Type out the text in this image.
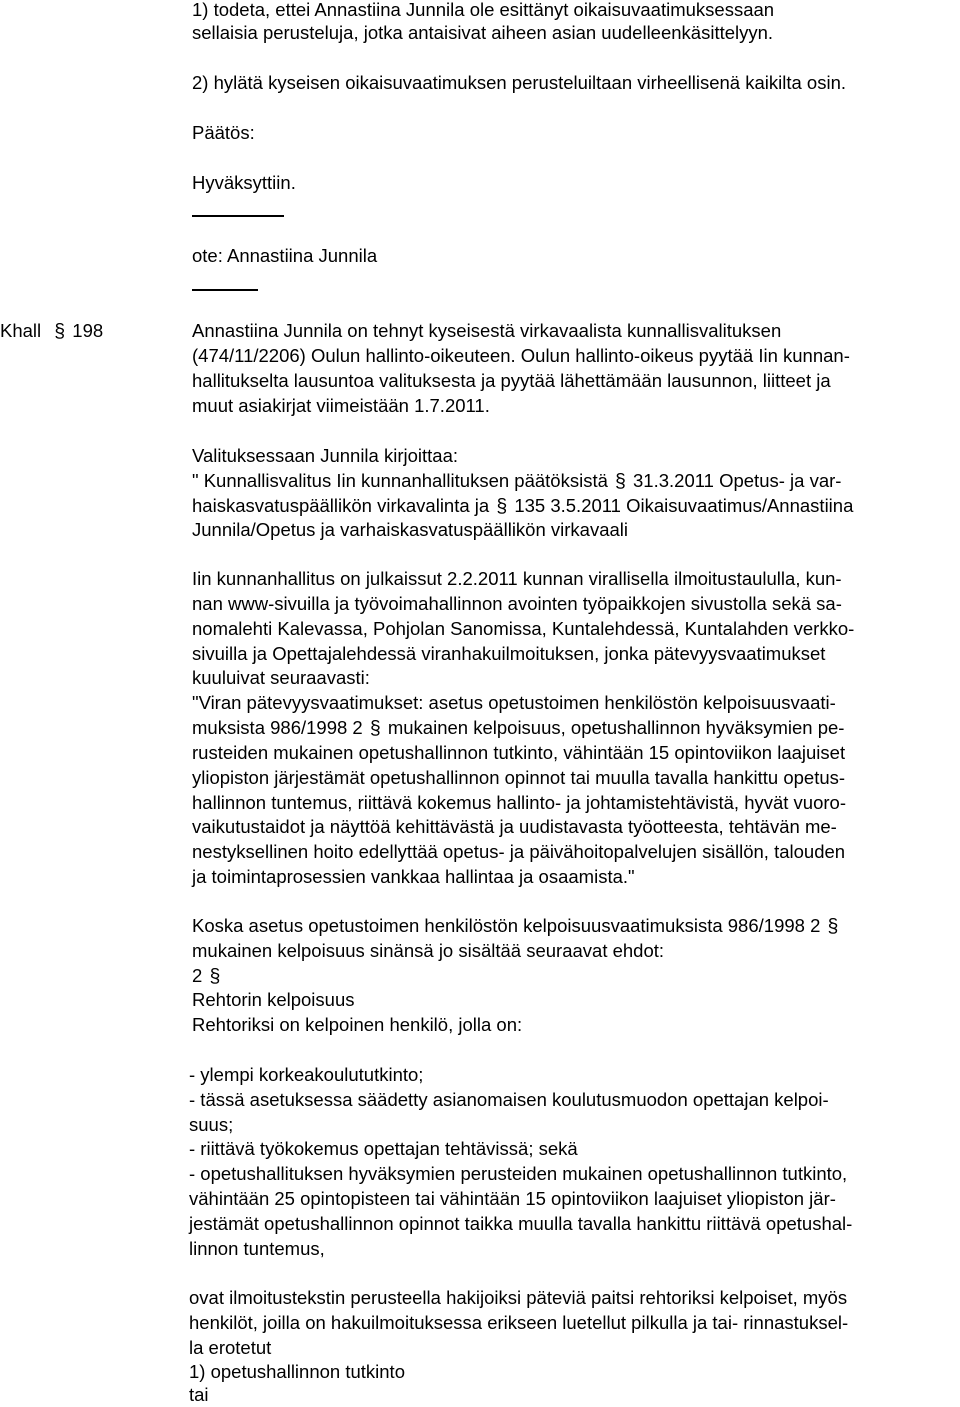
1) todeta, ettei Annastiina Junnila ole esittänyt oikaisuvaatimuksessaan
sellaisia perusteluja, jotka antaisivat aiheen asian uudelleenkäsittelyyn.
2) hylätä kyseisen oikaisuvaatimuksen perusteluiltaan virheellisenä kaikilta osin.
Päätös:
Hyväksyttiin.
ote: Annastiina Junnila
Khall § 198	Annastiina Junnila on tehnyt kyseisestä virkavaalista kunnallisvalituksen
(474/11/2206) Oulun hallinto-oikeuteen. Oulun hallinto-oikeus pyytää Iin kunnan-
hallitukselta lausuntoa valituksesta ja pyytää lähettämään lausunnon, liitteet ja
muut asiakirjat viimeistään 1.7.2011.
Valituksessaan Junnila kirjoittaa:
" Kunnallisvalitus Iin kunnanhallituksen päätöksistä § 31.3.2011 Opetus- ja var-
haiskasvatuspäällikön virkavalinta ja § 135 3.5.2011 Oikaisuvaatimus/Annastiina
Junnila/Opetus ja varhaiskasvatuspäällikön virkavaali
Iin kunnanhallitus on julkaissut 2.2.2011 kunnan virallisella ilmoitustaululla, kun-
nan www-sivuilla ja työvoimahallinnon avointen työpaikkojen sivustolla sekä sa-
nomalehti Kalevassa, Pohjolan Sanomissa, Kuntalehdessä, Kuntalahden verkko-
sivuilla ja Opettajalehdessä viranhakuilmoituksen, jonka pätevyysvaatimukset
kuuluivat seuraavasti:
"Viran pätevyysvaatimukset: asetus opetustoimen henkilöstön kelpoisuusvaati-
muksista 986/1998 2 § mukainen kelpoisuus, opetushallinnon hyväksymien pe-
rusteiden mukainen opetushallinnon tutkinto, vähintään 15 opintoviikon laajuiset
yliopiston järjestämät opetushallinnon opinnot tai muulla tavalla hankittu opetus-
hallinnon tuntemus, riittävä kokemus hallinto- ja johtamistehtävistä, hyvät vuoro-
vaikutustaidot ja näyttöä kehittävästä ja uudistavasta työotteesta, tehtävän me-
nestyksellinen hoito edellyttää opetus- ja päivähoitopalvelujen sisällön, talouden
ja toimintaprosessien vankkaa hallintaa ja osaamista."
Koska asetus opetustoimen henkilöstön kelpoisuusvaatimuksista 986/1998 2 §
mukainen kelpoisuus sinänsä jo sisältää seuraavat ehdot:
2 §
Rehtorin kelpoisuus
Rehtoriksi on kelpoinen henkilö, jolla on:
- ylempi korkeakoulututkinto;
- tässä asetuksessa säädetty asianomaisen koulutusmuodon opettajan kelpoi-
suus;
- riittävä työkokemus opettajan tehtävissä; sekä
- opetushallituksen hyväksymien perusteiden mukainen opetushallinnon tutkinto,
vähintään 25 opintopisteen tai vähintään 15 opintoviikon laajuiset yliopiston jär-
jestämät opetushallinnon opinnot taikka muulla tavalla hankittu riittävä opetushal-
linnon tuntemus,
ovat ilmoitustekstin perusteella hakijoiksi päteviä paitsi rehtoriksi kelpoiset, myös
henkilöt, joilla on hakuilmoituksessa erikseen luetellut pilkulla ja tai- rinnastuksel-
la erotetut
1) opetushallinnon tutkinto
tai
